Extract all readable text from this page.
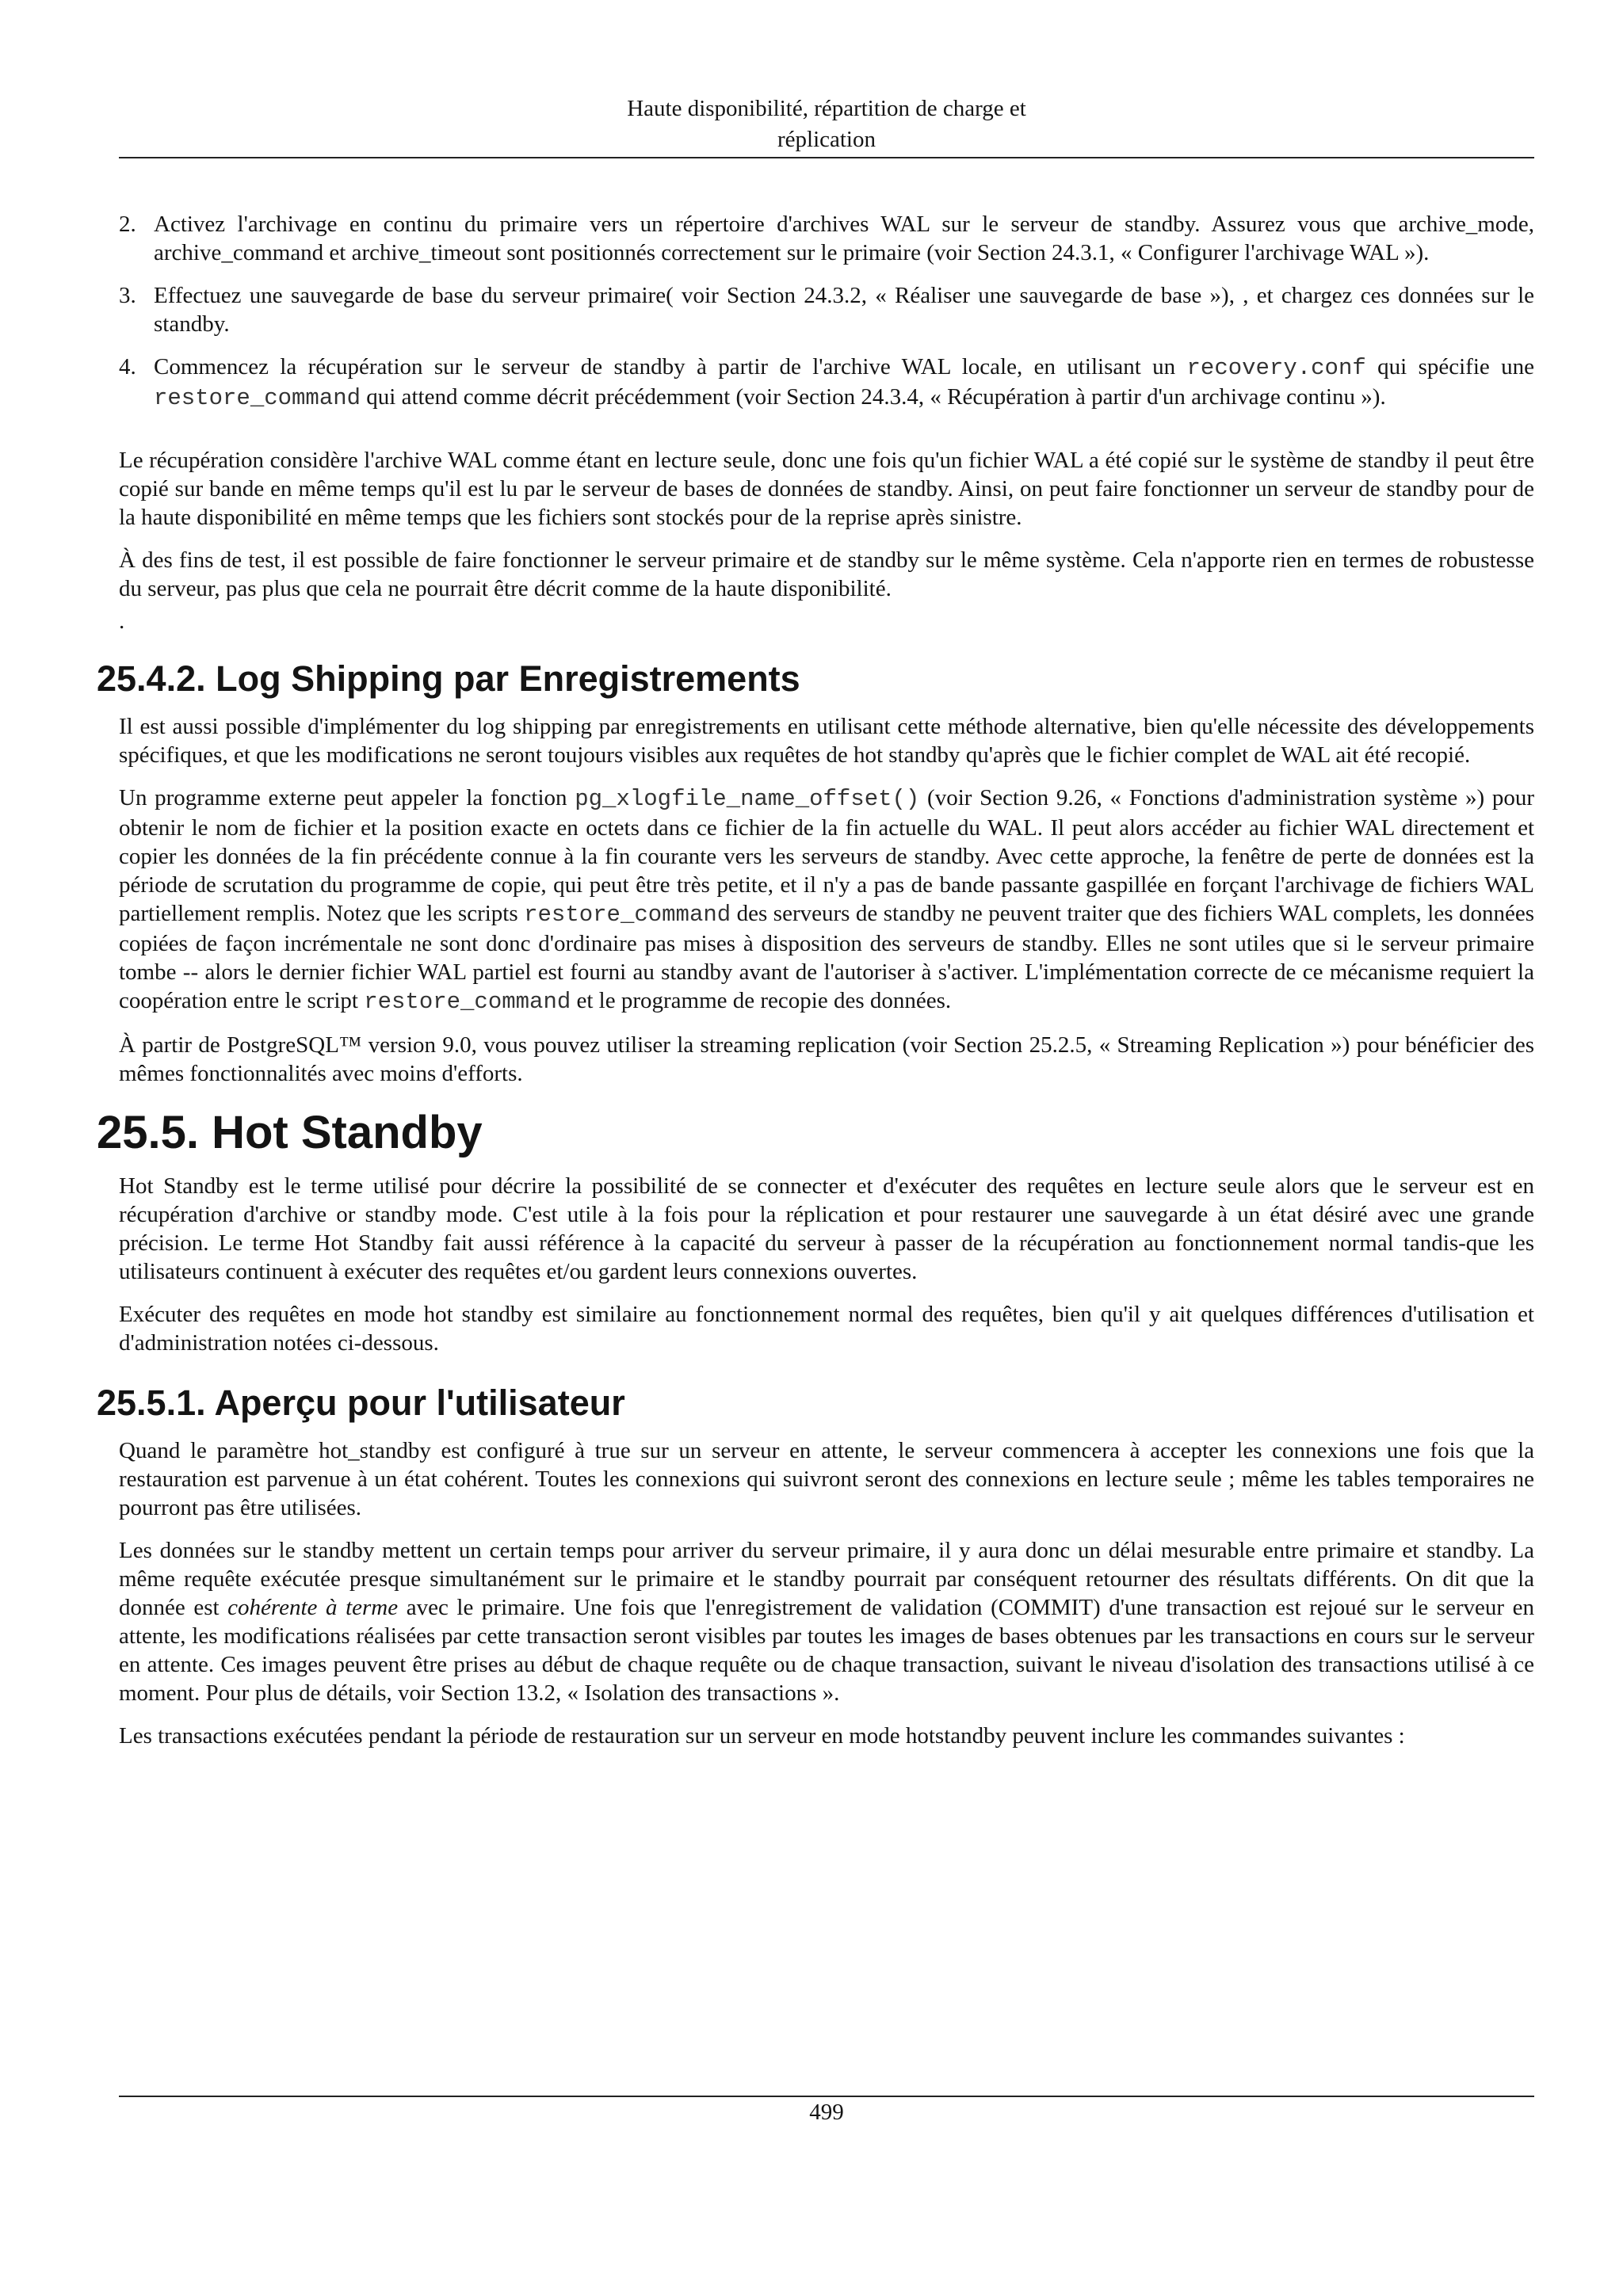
Haute disponibilité, répartition de charge et
réplication
2. Activez l'archivage en continu du primaire vers un répertoire d'archives WAL sur le serveur de standby. Assurez vous que archive_mode, archive_command et archive_timeout sont positionnés correctement sur le primaire (voir Section 24.3.1, « Configurer l'archivage WAL »).
3. Effectuez une sauvegarde de base du serveur primaire( voir Section 24.3.2, « Réaliser une sauvegarde de base »), , et chargez ces données sur le standby.
4. Commencez la récupération sur le serveur de standby à partir de l'archive WAL locale, en utilisant un recovery.conf qui spécifie une restore_command qui attend comme décrit précédemment (voir Section 24.3.4, « Récupération à partir d'un archivage continu »).

Le récupération considère l'archive WAL comme étant en lecture seule, donc une fois qu'un fichier WAL a été copié sur le système de standby il peut être copié sur bande en même temps qu'il est lu par le serveur de bases de données de standby. Ainsi, on peut faire fonctionner un serveur de standby pour de la haute disponibilité en même temps que les fichiers sont stockés pour de la reprise après sinistre.

À des fins de test, il est possible de faire fonctionner le serveur primaire et de standby sur le même système. Cela n'apporte rien en termes de robustesse du serveur, pas plus que cela ne pourrait être décrit comme de la haute disponibilité.

.
25.4.2. Log Shipping par Enregistrements

Il est aussi possible d'implémenter du log shipping par enregistrements en utilisant cette méthode alternative, bien qu'elle nécessite des développements spécifiques, et que les modifications ne seront toujours visibles aux requêtes de hot standby qu'après que le fichier complet de WAL ait été recopié.

Un programme externe peut appeler la fonction pg_xlogfile_name_offset() (voir Section 9.26, « Fonctions d'administration système ») pour obtenir le nom de fichier et la position exacte en octets dans ce fichier de la fin actuelle du WAL. Il peut alors accéder au fichier WAL directement et copier les données de la fin précédente connue à la fin courante vers les serveurs de standby. Avec cette approche, la fenêtre de perte de données est la période de scrutation du programme de copie, qui peut être très petite, et il n'y a pas de bande passante gaspillée en forçant l'archivage de fichiers WAL partiellement remplis. Notez que les scripts restore_command des serveurs de standby ne peuvent traiter que des fichiers WAL complets, les données copiées de façon incrémentale ne sont donc d'ordinaire pas mises à disposition des serveurs de standby. Elles ne sont utiles que si le serveur primaire tombe -- alors le dernier fichier WAL partiel est fourni au standby avant de l'autoriser à s'activer. L'implémentation correcte de ce mécanisme requiert la coopération entre le script restore_command et le programme de recopie des données.

À partir de PostgreSQL™ version 9.0, vous pouvez utiliser la streaming replication (voir Section 25.2.5, « Streaming Replication ») pour bénéficier des mêmes fonctionnalités avec moins d'efforts.

25.5. Hot Standby

Hot Standby est le terme utilisé pour décrire la possibilité de se connecter et d'exécuter des requêtes en lecture seule alors que le serveur est en récupération d'archive or standby mode. C'est utile à la fois pour la réplication et pour restaurer une sauvegarde à un état désiré avec une grande précision. Le terme Hot Standby fait aussi référence à la capacité du serveur à passer de la récupération au fonctionnement normal tandis-que les utilisateurs continuent à exécuter des requêtes et/ou gardent leurs connexions ouvertes.

Exécuter des requêtes en mode hot standby est similaire au fonctionnement normal des requêtes, bien qu'il y ait quelques différences d'utilisation et d'administration notées ci-dessous.

25.5.1. Aperçu pour l'utilisateur

Quand le paramètre hot_standby est configuré à true sur un serveur en attente, le serveur commencera à accepter les connexions une fois que la restauration est parvenue à un état cohérent. Toutes les connexions qui suivront seront des connexions en lecture seule ; même les tables temporaires ne pourront pas être utilisées.

Les données sur le standby mettent un certain temps pour arriver du serveur primaire, il y aura donc un délai mesurable entre primaire et standby. La même requête exécutée presque simultanément sur le primaire et le standby pourrait par conséquent retourner des résultats différents. On dit que la donnée est cohérente à terme avec le primaire. Une fois que l'enregistrement de validation (COMMIT) d'une transaction est rejoué sur le serveur en attente, les modifications réalisées par cette transaction seront visibles par toutes les images de bases obtenues par les transactions en cours sur le serveur en attente. Ces images peuvent être prises au début de chaque requête ou de chaque transaction, suivant le niveau d'isolation des transactions utilisé à ce moment. Pour plus de détails, voir Section 13.2, « Isolation des transactions ».

Les transactions exécutées pendant la période de restauration sur un serveur en mode hotstandby peuvent inclure les commandes suivantes :

499
